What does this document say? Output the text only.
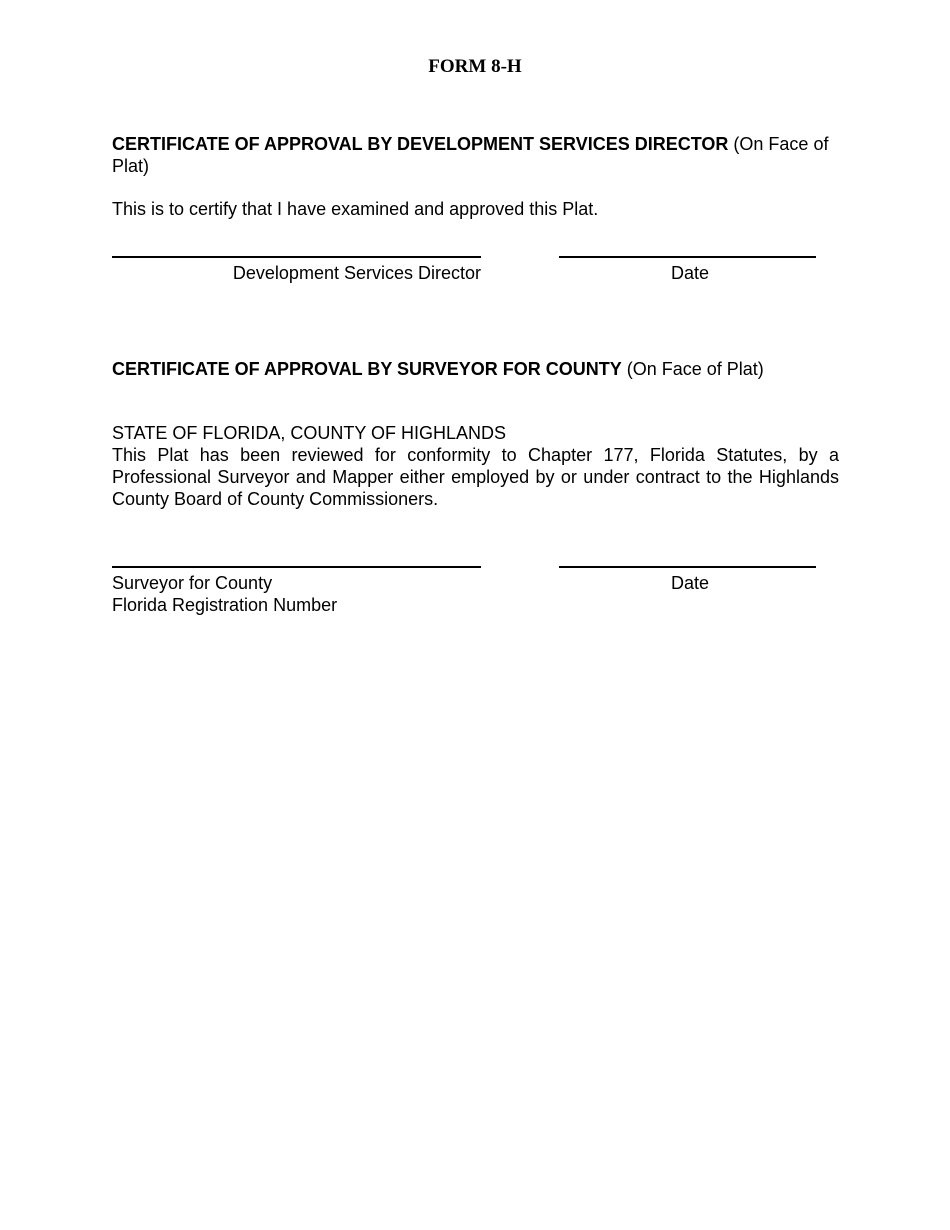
FORM 8-H
CERTIFICATE OF APPROVAL BY DEVELOPMENT SERVICES DIRECTOR (On Face of Plat)
This is to certify that I have examined and approved this Plat.
Development Services Director	Date
CERTIFICATE OF APPROVAL BY SURVEYOR FOR COUNTY (On Face of Plat)
STATE OF FLORIDA, COUNTY OF HIGHLANDS
This Plat has been reviewed for conformity to Chapter 177, Florida Statutes, by a Professional Surveyor and Mapper either employed by or under contract to the Highlands County Board of County Commissioners.
Surveyor for County	Date
Florida Registration Number
